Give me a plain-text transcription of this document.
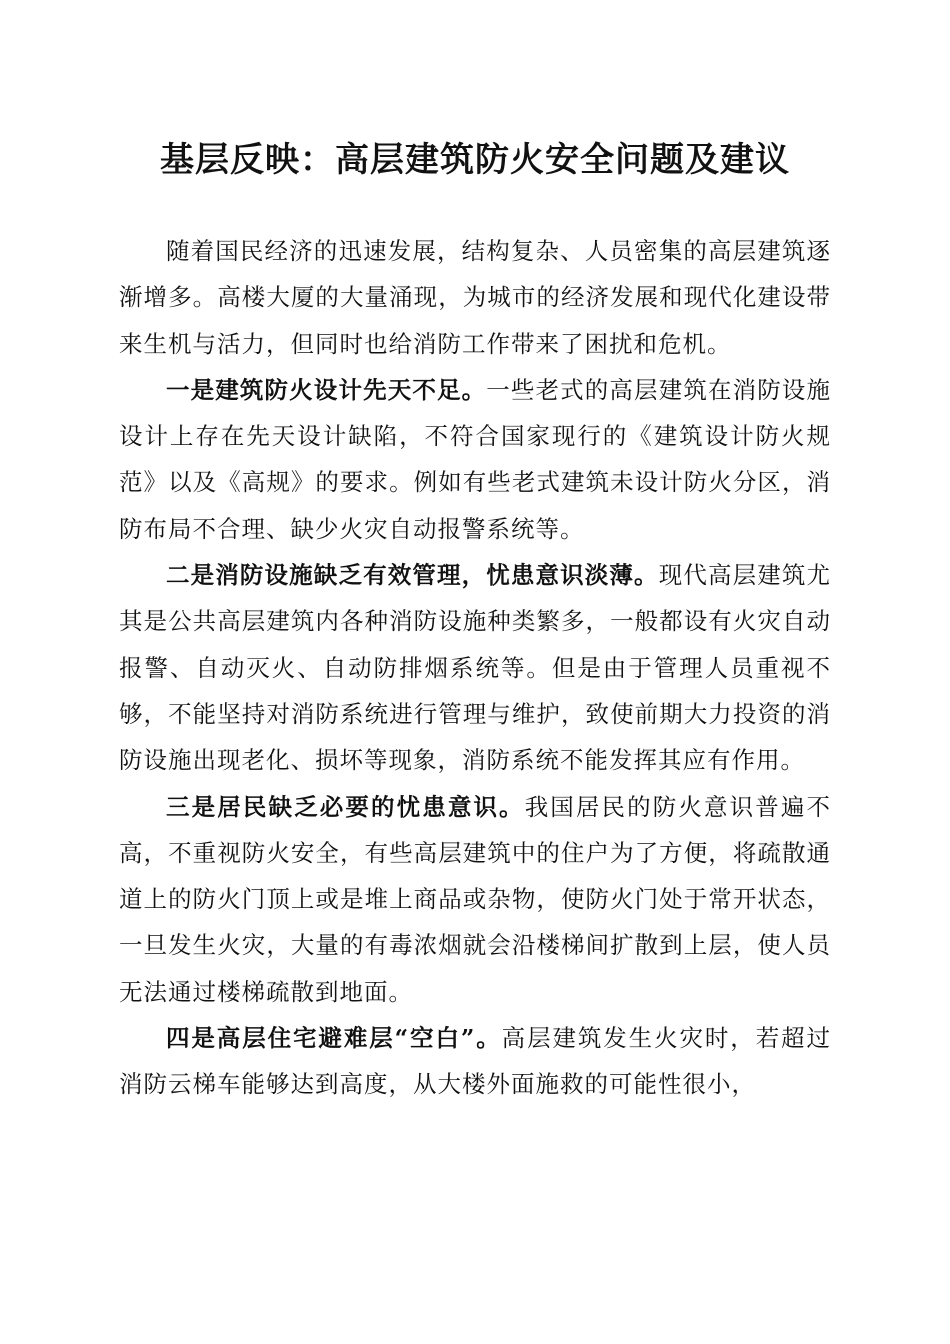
基层反映：高层建筑防火安全问题及建议

随着国民经济的迅速发展，结构复杂、人员密集的高层建筑逐渐增多。高楼大厦的大量涌现，为城市的经济发展和现代化建设带来生机与活力，但同时也给消防工作带来了困扰和危机。

一是建筑防火设计先天不足。一些老式的高层建筑在消防设施设计上存在先天设计缺陷，不符合国家现行的《建筑设计防火规范》以及《高规》的要求。例如有些老式建筑未设计防火分区，消防布局不合理、缺少火灾自动报警系统等。

二是消防设施缺乏有效管理，忧患意识淡薄。现代高层建筑尤其是公共高层建筑内各种消防设施种类繁多，一般都设有火灾自动报警、自动灭火、自动防排烟系统等。但是由于管理人员重视不够，不能坚持对消防系统进行管理与维护，致使前期大力投资的消防设施出现老化、损坏等现象，消防系统不能发挥其应有作用。

三是居民缺乏必要的忧患意识。我国居民的防火意识普遍不高，不重视防火安全，有些高层建筑中的住户为了方便，将疏散通道上的防火门顶上或是堆上商品或杂物，使防火门处于常开状态，一旦发生火灾，大量的有毒浓烟就会沿楼梯间扩散到上层，使人员无法通过楼梯疏散到地面。

四是高层住宅避难层“空白”。高层建筑发生火灾时，若超过消防云梯车能够达到高度，从大楼外面施救的可能性很小，
